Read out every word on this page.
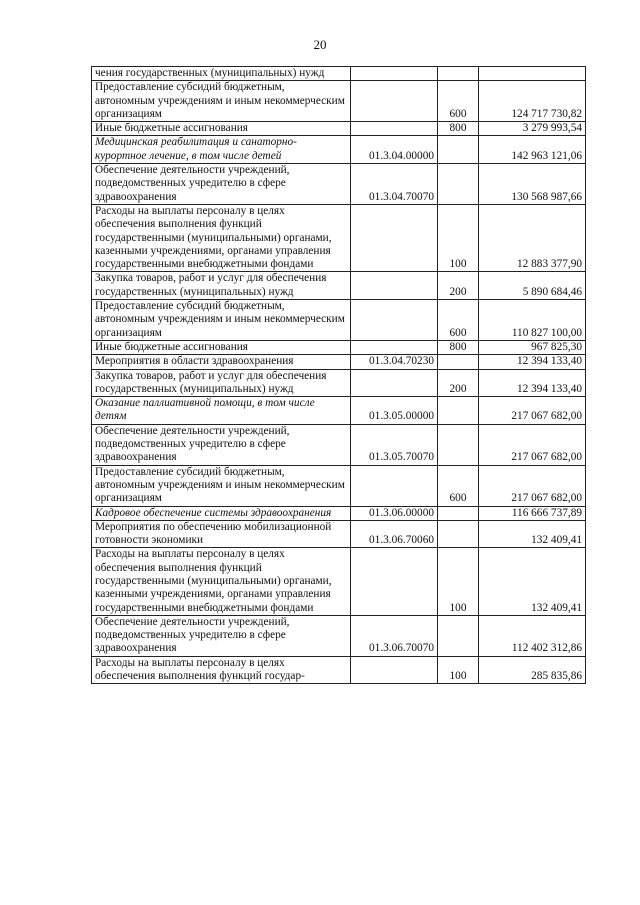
20
чения государственных (муниципальных) нужд			
Предоставление субсидий бюджетным, автономным учреждениям и иным некоммерческим организациям		600	124 717 730,82
Иные бюджетные ассигнования		800	3 279 993,54
Медицинская реабилитация и санаторно-курортное лечение, в том числе детей	01.3.04.00000		142 963 121,06
Обеспечение деятельности учреждений, подведомственных учредителю в сфере здравоохранения	01.3.04.70070		130 568 987,66
Расходы на выплаты персоналу в целях обеспечения выполнения функций государственными (муниципальными) органами, казенными учреждениями, органами управления государственными внебюджетными фондами		100	12 883 377,90
Закупка товаров, работ и услуг для обеспечения государственных (муниципальных) нужд		200	5 890 684,46
Предоставление субсидий бюджетным, автономным учреждениям и иным некоммерческим организациям		600	110 827 100,00
Иные бюджетные ассигнования		800	967 825,30
Мероприятия в области здравоохранения	01.3.04.70230		12 394 133,40
Закупка товаров, работ и услуг для обеспечения государственных (муниципальных) нужд		200	12 394 133,40
Оказание паллиативной помощи, в том числе детям	01.3.05.00000		217 067 682,00
Обеспечение деятельности учреждений, подведомственных учредителю в сфере здравоохранения	01.3.05.70070		217 067 682,00
Предоставление субсидий бюджетным, автономным учреждениям и иным некоммерческим организациям		600	217 067 682,00
Кадровое обеспечение системы здравоохранения	01.3.06.00000		116 666 737,89
Мероприятия по обеспечению мобилизационной готовности экономики	01.3.06.70060		132 409,41
Расходы на выплаты персоналу в целях обеспечения выполнения функций государственными (муниципальными) органами, казенными учреждениями, органами управления государственными внебюджетными фондами		100	132 409,41
Обеспечение деятельности учреждений, подведомственных учредителю в сфере здравоохранения	01.3.06.70070		112 402 312,86
Расходы на выплаты персоналу в целях обеспечения выполнения функций государ-		100	285 835,86
